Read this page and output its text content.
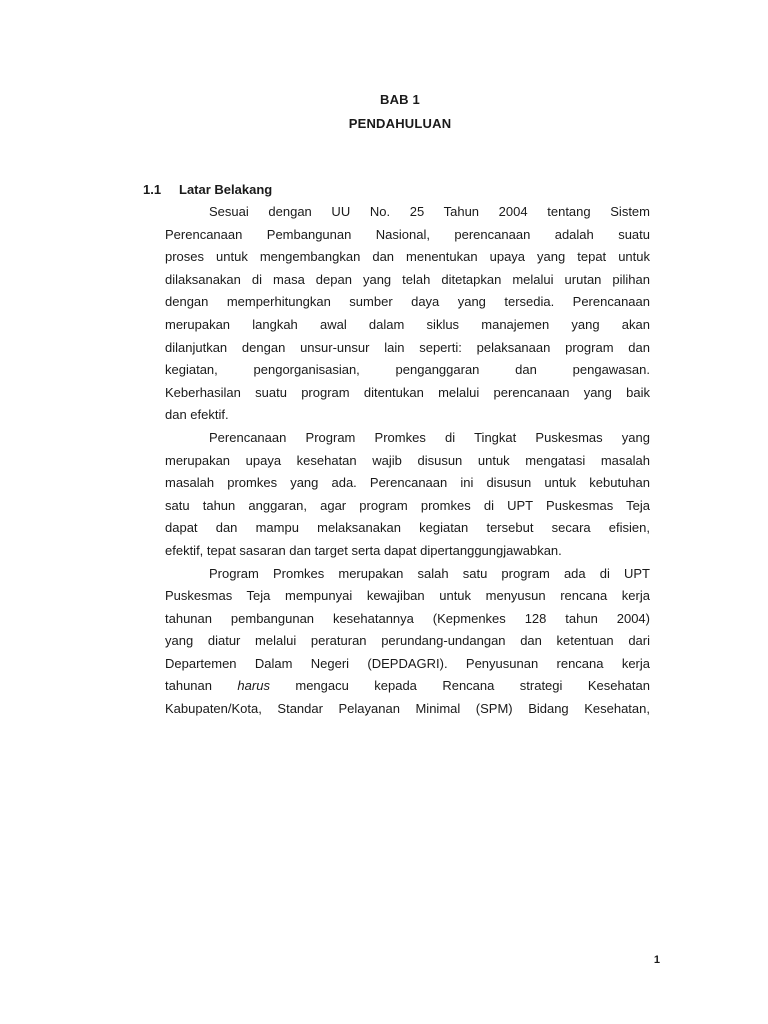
BAB 1
PENDAHULUAN
1.1 Latar Belakang
Sesuai dengan UU No. 25 Tahun 2004 tentang Sistem
Perencanaan Pembangunan Nasional, perencanaan adalah suatu
proses untuk mengembangkan dan menentukan upaya yang tepat untuk
dilaksanakan di masa depan yang telah ditetapkan melalui urutan pilihan
dengan memperhitungkan sumber daya yang tersedia. Perencanaan
merupakan langkah awal dalam siklus manajemen yang akan
dilanjutkan dengan unsur-unsur lain seperti: pelaksanaan program dan
kegiatan, pengorganisasian, penganggaran dan pengawasan.
Keberhasilan suatu program ditentukan melalui perencanaan yang baik
dan efektif.
Perencanaan Program Promkes di Tingkat Puskesmas yang
merupakan upaya kesehatan wajib disusun untuk mengatasi masalah
masalah promkes yang ada. Perencanaan ini disusun untuk kebutuhan
satu tahun anggaran, agar program promkes di UPT Puskesmas Teja
dapat dan mampu melaksanakan kegiatan tersebut secara efisien,
efektif, tepat sasaran dan target serta dapat dipertanggungjawabkan.
Program Promkes merupakan salah satu program ada di UPT
Puskesmas Teja mempunyai kewajiban untuk menyusun rencana kerja
tahunan pembangunan kesehatannya (Kepmenkes 128 tahun 2004)
yang diatur melalui peraturan perundang-undangan dan ketentuan dari
Departemen Dalam Negeri (DEPDAGRI). Penyusunan rencana kerja
tahunan harus mengacu kepada Rencana strategi Kesehatan
Kabupaten/Kota, Standar Pelayanan Minimal (SPM) Bidang Kesehatan,
1
